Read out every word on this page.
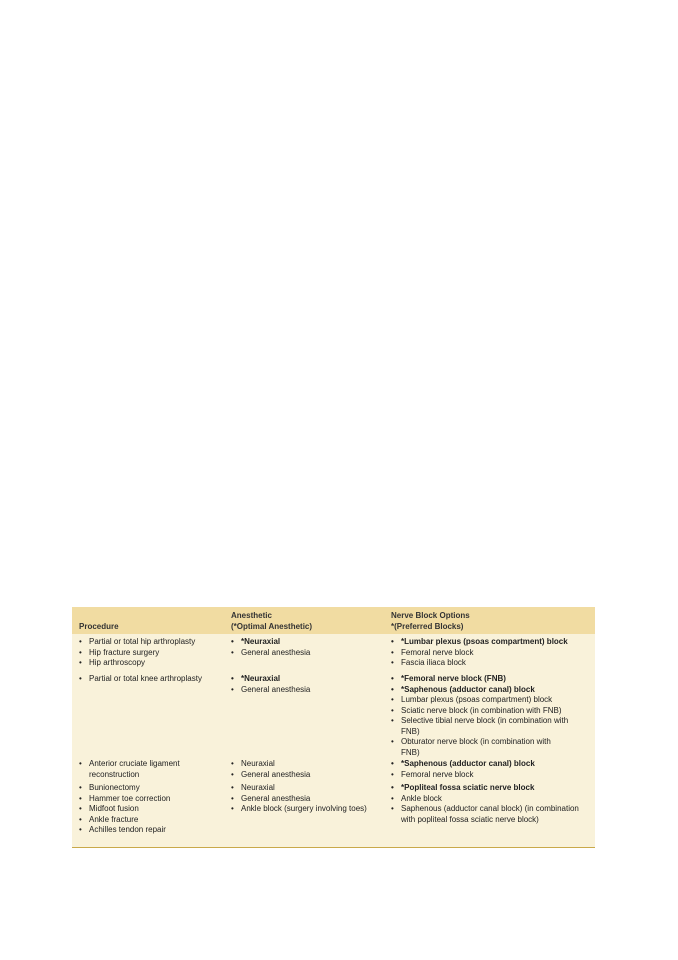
Procedure
Anesthetic
(*Optimal Anesthetic)
Nerve Block Options
*(Preferred Blocks)
• Partial or total hip arthroplasty
• Hip fracture surgery
• Hip arthroscopy
• *Neuraxial
• General anesthesia
• *Lumbar plexus (psoas compartment) block
• Femoral nerve block
• Fascia iliaca block
• Partial or total knee arthroplasty
•	*Neuraxial
• General anesthesia
• *Femoral nerve block (FNB)
• *Saphenous (adductor canal) block
• Lumbar plexus (psoas compartment) block
• Sciatic nerve block (in combination with FNB)
• Selective tibial nerve block (in combination with FNB)
• Obturator nerve block (in combination with FNB)
• Anterior cruciate ligament reconstruction
• Neuraxial
• General anesthesia
• *Saphenous (adductor canal) block
• Femoral nerve block
• Bunionectomy
• Hammer toe correction
• Midfoot fusion
• Ankle fracture
• Achilles tendon repair
• Neuraxial
• General anesthesia
• Ankle block (surgery involving toes)
• *Popliteal fossa sciatic nerve block
• Ankle block
• Saphenous (adductor canal block) (in combination with popliteal fossa sciatic nerve block)
